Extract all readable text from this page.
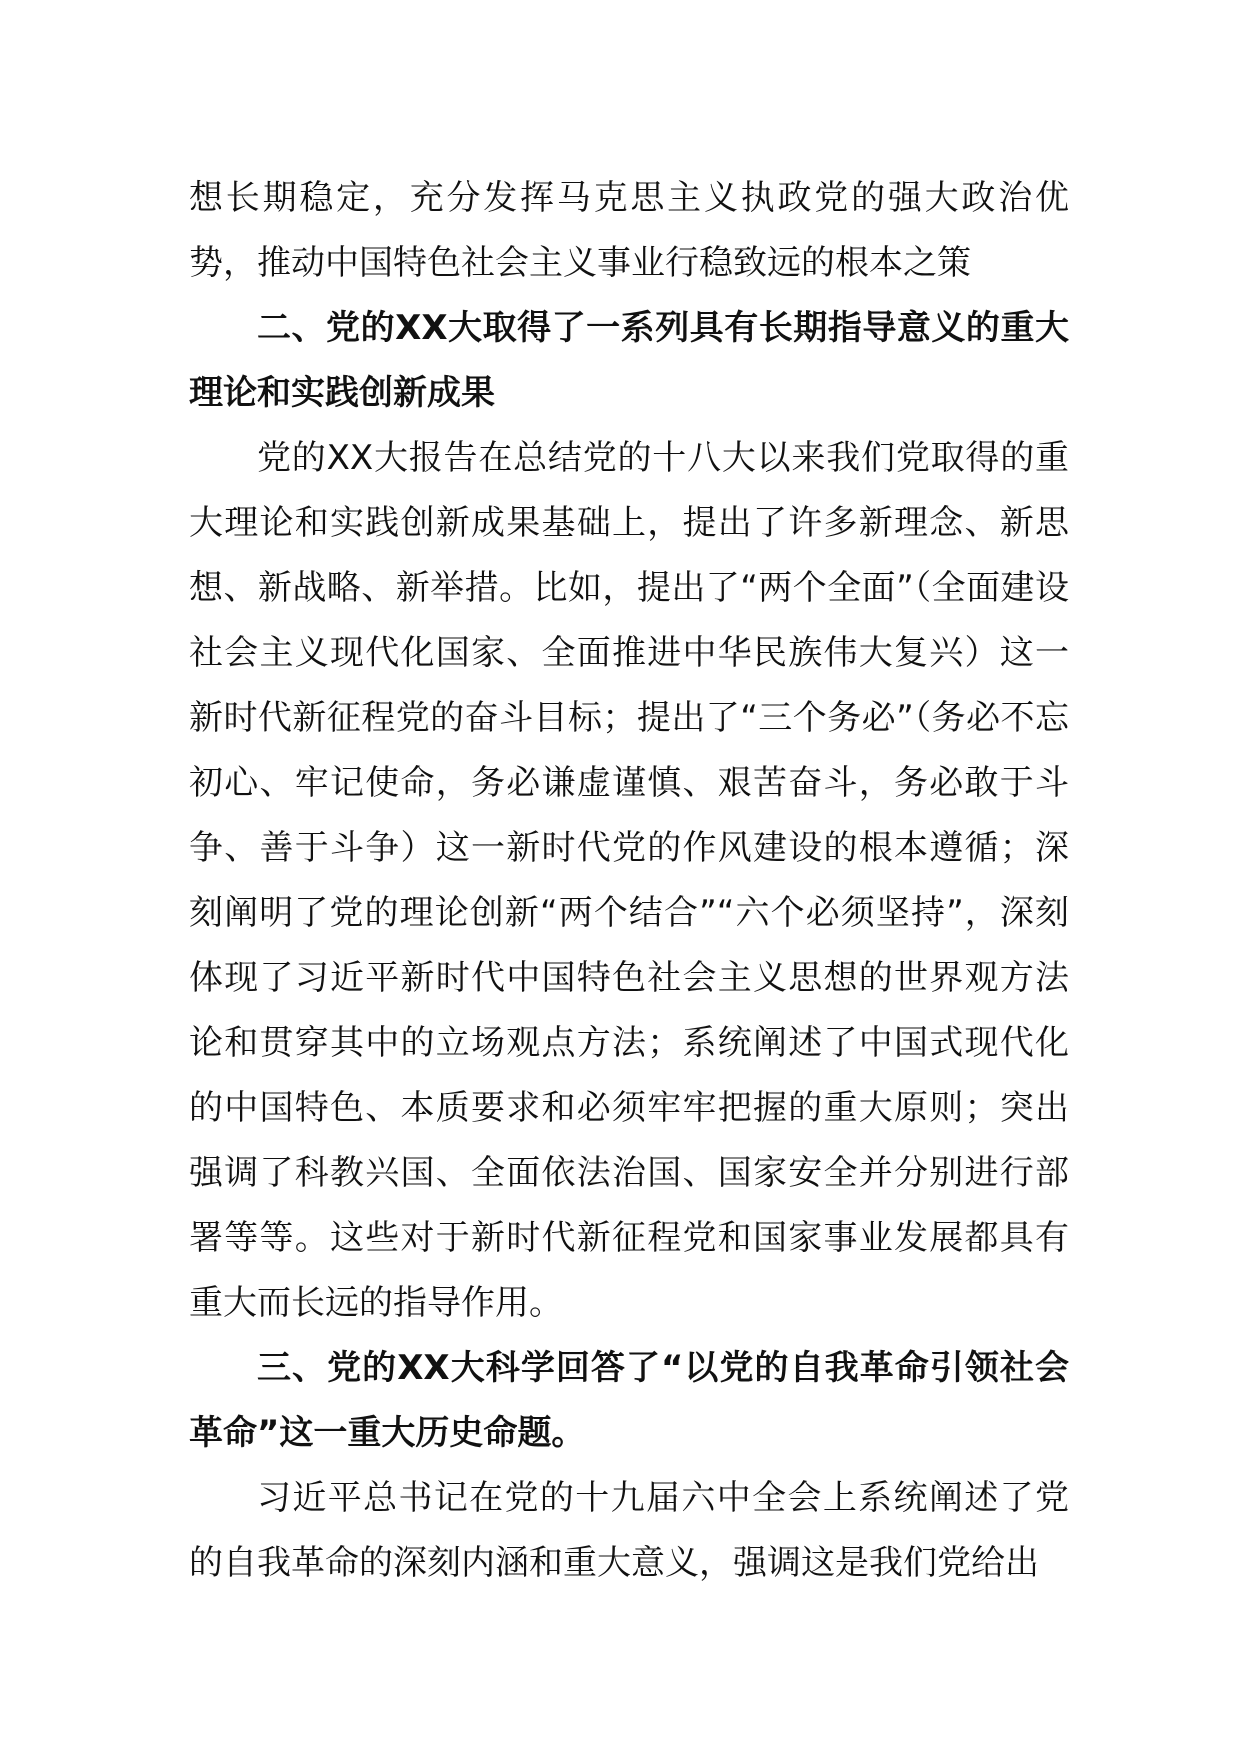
想长期稳定，充分发挥马克思主义执政党的强大政治优势，推动中国特色社会主义事业行稳致远的根本之策

二、党的XX大取得了一系列具有长期指导意义的重大理论和实践创新成果

党的XX大报告在总结党的十八大以来我们党取得的重大理论和实践创新成果基础上，提出了许多新理念、新思想、新战略、新举措。比如，提出了“两个全面”（全面建设社会主义现代化国家、全面推进中华民族伟大复兴）这一新时代新征程党的奋斗目标；提出了“三个务必”（务必不忘初心、牢记使命，务必谦虚谨慎、艰苦奋斗，务必敢于斗争、善于斗争）这一新时代党的作风建设的根本遵循；深刻阐明了党的理论创新“两个结合”“六个必须坚持”，深刻体现了习近平新时代中国特色社会主义思想的世界观方法论和贯穿其中的立场观点方法；系统阐述了中国式现代化的中国特色、本质要求和必须牢牢把握的重大原则；突出强调了科教兴国、全面依法治国、国家安全并分别进行部署等等。这些对于新时代新征程党和国家事业发展都具有重大而长远的指导作用。

三、党的XX大科学回答了“以党的自我革命引领社会革命”这一重大历史命题。

习近平总书记在党的十九届六中全会上系统阐述了党的自我革命的深刻内涵和重大意义，强调这是我们党给出
